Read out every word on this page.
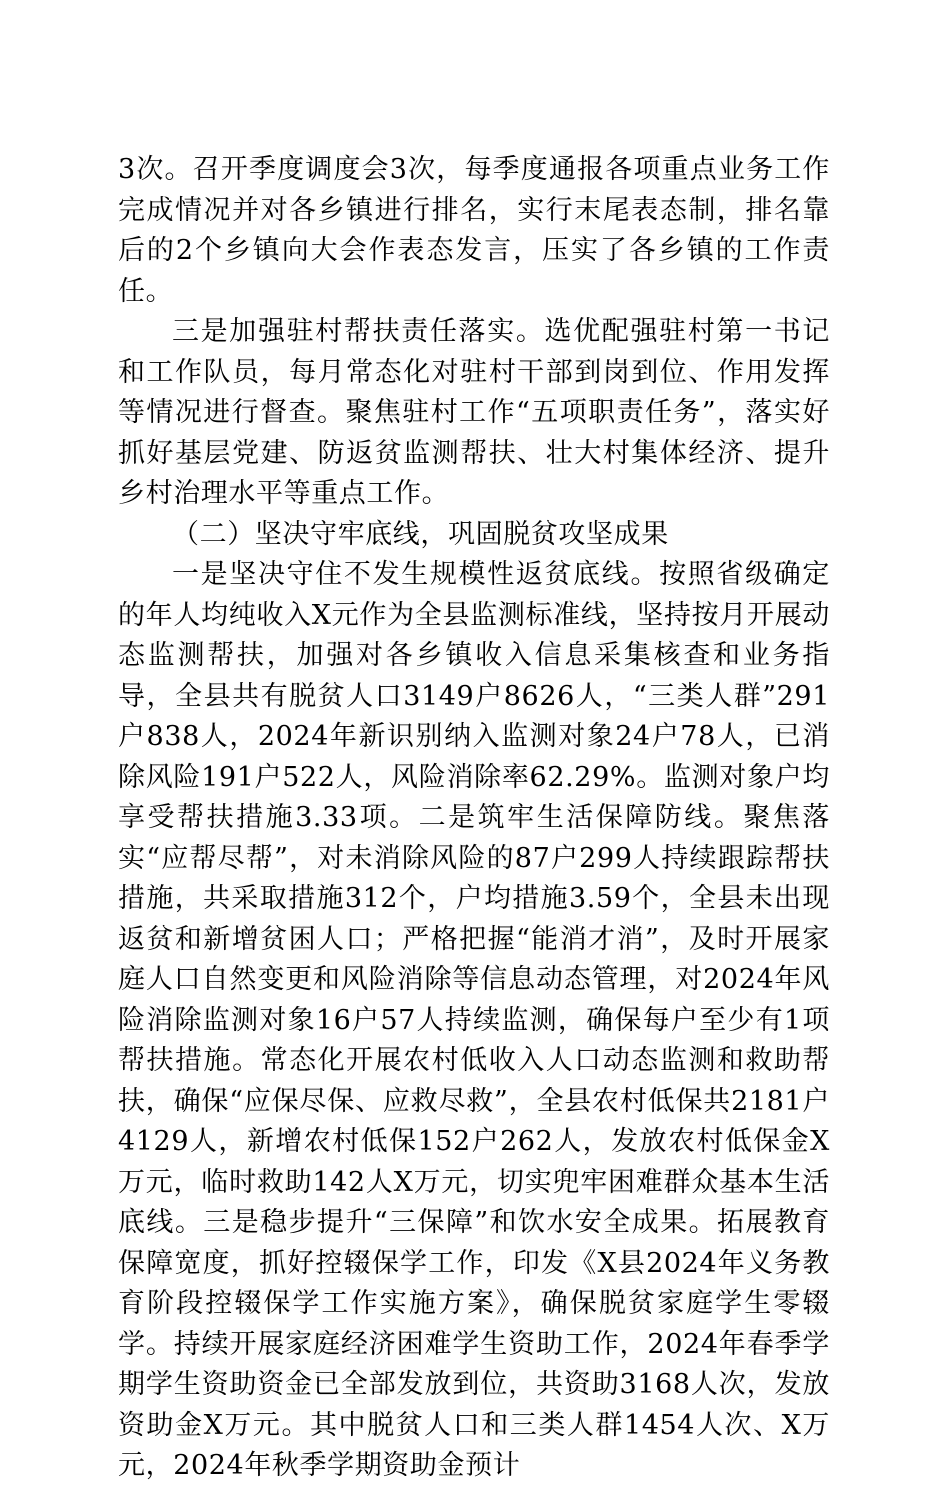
3次。召开季度调度会3次，每季度通报各项重点业务工作完成情况并对各乡镇进行排名，实行末尾表态制，排名靠后的2个乡镇向大会作表态发言，压实了各乡镇的工作责任。

三是加强驻村帮扶责任落实。选优配强驻村第一书记和工作队员，每月常态化对驻村干部到岗到位、作用发挥等情况进行督查。聚焦驻村工作“五项职责任务”，落实好抓好基层党建、防返贫监测帮扶、壮大村集体经济、提升乡村治理水平等重点工作。

（二）坚决守牢底线，巩固脱贫攻坚成果

一是坚决守住不发生规模性返贫底线。按照省级确定的年人均纯收入X元作为全县监测标准线，坚持按月开展动态监测帮扶，加强对各乡镇收入信息采集核查和业务指导，全县共有脱贫人口3149户8626人，“三类人群”291户838人，2024年新识别纳入监测对象24户78人，已消除风险191户522人，风险消除率62.29%。监测对象户均享受帮扶措施3.33项。二是筑牢生活保障防线。聚焦落实“应帮尽帮”，对未消除风险的87户299人持续跟踪帮扶措施，共采取措施312个，户均措施3.59个，全县未出现返贫和新增贫困人口；严格把握“能消才消”，及时开展家庭人口自然变更和风险消除等信息动态管理，对2024年风险消除监测对象16户57人持续监测，确保每户至少有1项帮扶措施。常态化开展农村低收入人口动态监测和救助帮扶，确保“应保尽保、应救尽救”，全县农村低保共2181户4129人，新增农村低保152户262人，发放农村低保金X万元，临时救助142人X万元，切实兜牢困难群众基本生活底线。三是稳步提升“三保障”和饮水安全成果。拓展教育保障宽度，抓好控辍保学工作，印发《X县2024年义务教育阶段控辍保学工作实施方案》，确保脱贫家庭学生零辍学。持续开展家庭经济困难学生资助工作，2024年春季学期学生资助资金已全部发放到位，共资助3168人次，发放资助金X万元。其中脱贫人口和三类人群1454人次、X万元，2024年秋季学期资助金预计
